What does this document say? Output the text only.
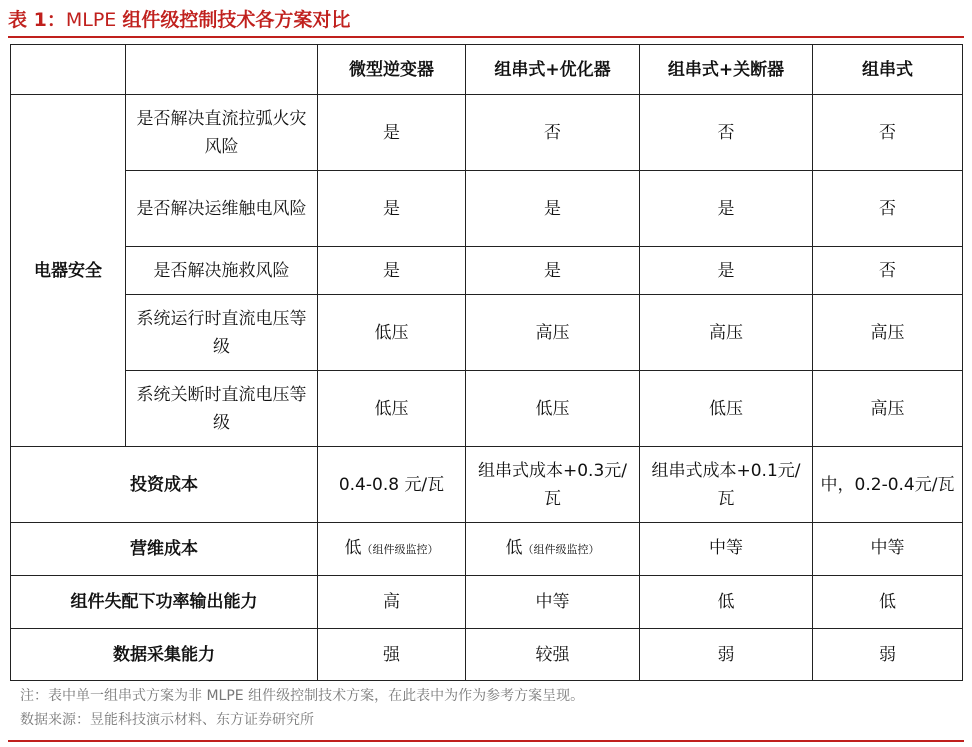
表 1：MLPE 组件级控制技术各方案对比
		微型逆变器	组串式+优化器	组串式+关断器	组串式
电器安全	是否解决直流拉弧火灾风险	是	否	否	否
	是否解决运维触电风险	是	是	是	否
	是否解决施救风险	是	是	是	否
	系统运行时直流电压等级	低压	高压	高压	高压
	系统关断时直流电压等级	低压	低压	低压	高压
投资成本		0.4-0.8 元/瓦	组串式成本+0.3元/瓦	组串式成本+0.1元/瓦	中，0.2-0.4元/瓦
营维成本		低（组件级监控）	低（组件级监控）	中等	中等
组件失配下功率输出能力		高	中等	低	低
数据采集能力		强	较强	弱	弱
注：表中单一组串式方案为非 MLPE 组件级控制技术方案，在此表中为作为参考方案呈现。
数据来源：昱能科技演示材料、东方证券研究所
